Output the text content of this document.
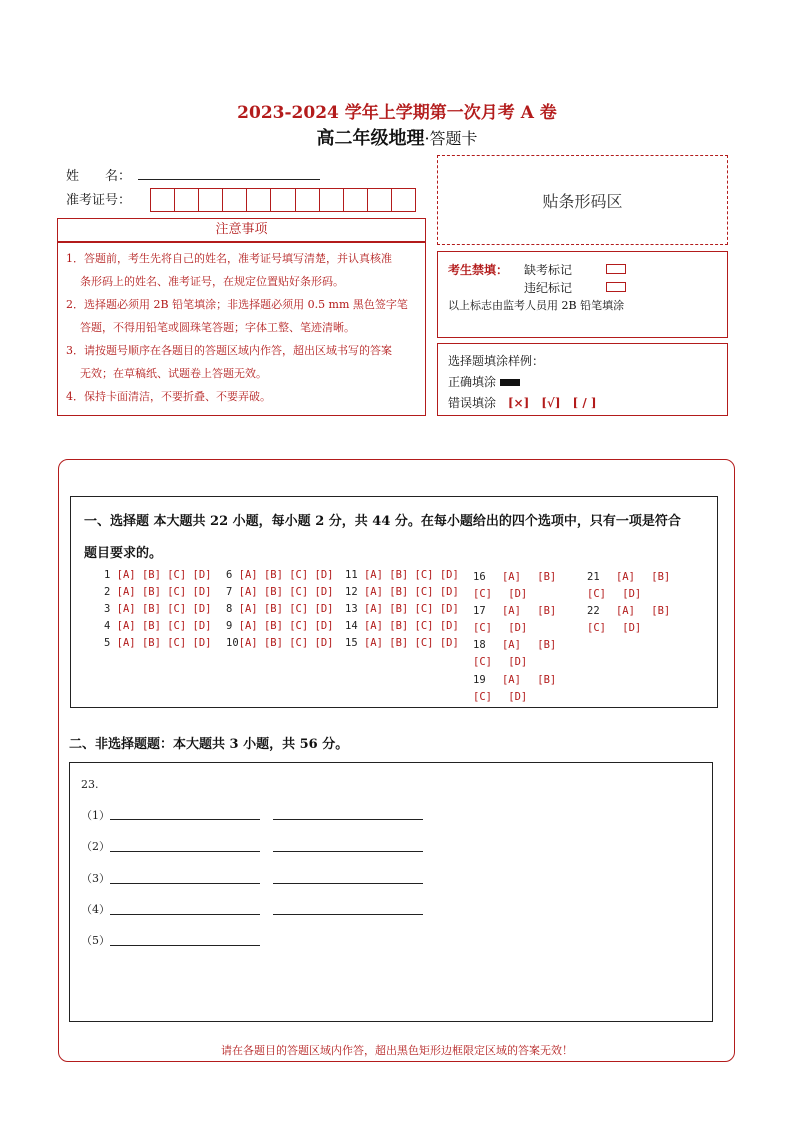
2023-2024 学年上学期第一次月考 A 卷
高二年级地理·答题卡
姓　　名：
准考证号：	贴条形码区
注意事项

1．答题前，考生先将自己的姓名，准考证号填写清楚，并认真核准

条形码上的姓名、准考证号，在规定位置贴好条形码。

2．选择题必须用 2B 铅笔填涂；非选择题必须用 0.5 mm 黑色签字笔

答题，不得用铅笔或圆珠笔答题；字体工整、笔迹清晰。

3．请按题号顺序在各题目的答题区域内作答，超出区域书写的答案

无效；在草稿纸、试题卷上答题无效。

4．保持卡面清洁，不要折叠、不要弄破。

考生禁填： 缺考标记
违纪标记
以上标志由监考人员用 2B 铅笔填涂
选择题填涂样例：
正确填涂
错误填涂 [×]　[√]　[ / ]
一、选择题 本大题共 22 小题，每小题 2 分，共 44 分。在每小题给出的四个选项中，只有一项是符合
题目要求的。
1 [A] [B] [C] [D]
2 [A] [B] [C] [D]
3 [A] [B] [C] [D]
4 [A] [B] [C] [D]
5 [A] [B] [C] [D]
6 [A] [B] [C] [D]
7 [A] [B] [C] [D]
8 [A] [B] [C] [D]
9 [A] [B] [C] [D]
10[A] [B] [C] [D]
11 [A] [B] [C] [D]
12 [A] [B] [C] [D]
13 [A] [B] [C] [D]
14 [A] [B] [C] [D]
15 [A] [B] [C] [D]
16 [A] [B] [C] [D]
17 [A] [B] [C] [D]
18 [A] [B] [C] [D]
19 [A] [B] [C] [D]
21 [A] [B] [C] [D]
22 [A] [B] [C] [D]
二、非选择题题：本大题共 3 小题，共 56 分。
23.
（1）
（2）
（3）
（4）
（5）
请在各题目的答题区域内作答，超出黑色矩形边框限定区域的答案无效！
